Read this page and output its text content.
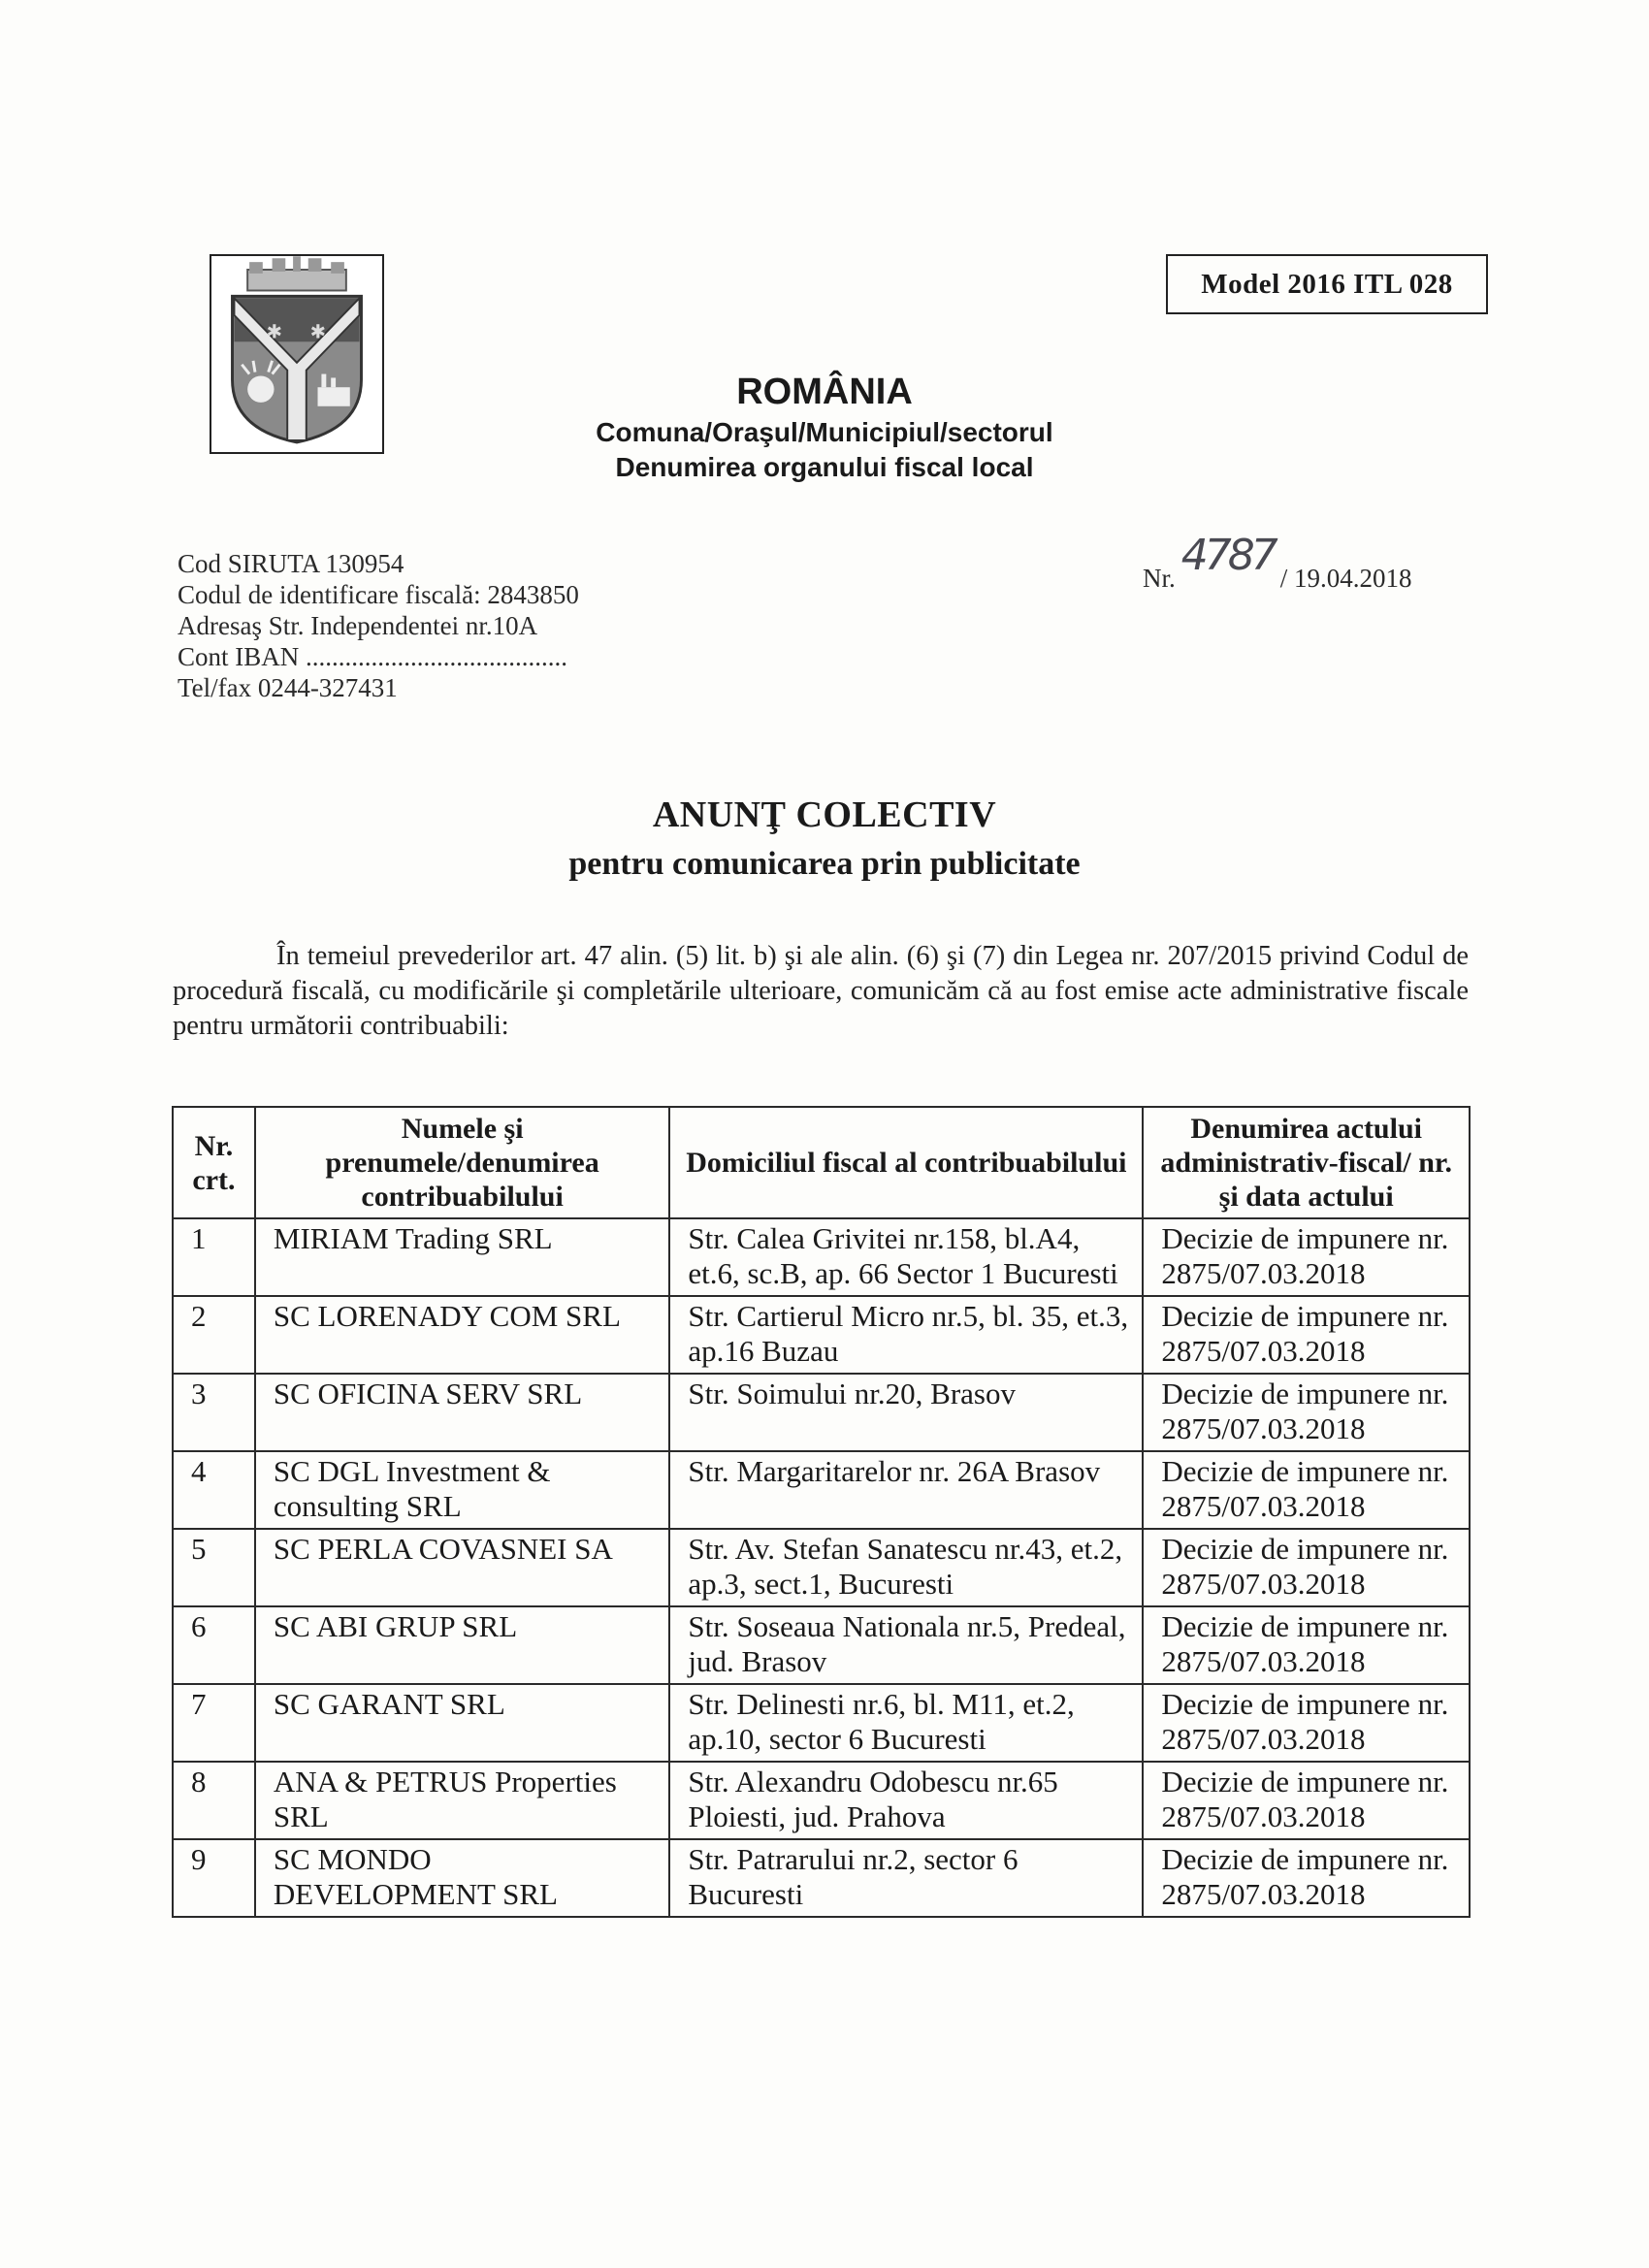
✱ ✱
Model 2016 ITL 028
ROMÂNIA
Comuna/Oraşul/Municipiul/sectorul
Denumirea organului fiscal local
Cod SIRUTA 130954
Codul de identificare fiscală: 2843850
Adresaş Str. Independentei nr.10A
Cont IBAN ........................................
Tel/fax 0244-327431
Nr. 4787 / 19.04.2018
ANUNŢ COLECTIV
pentru comunicarea prin publicitate
În temeiul prevederilor art. 47 alin. (5) lit. b) şi ale alin. (6) şi (7) din Legea nr. 207/2015 privind Codul de procedură fiscală, cu modificările şi completările ulterioare, comunicăm că au fost emise acte administrative fiscale pentru următorii contribuabili:
Nr. crt.	Numele şi prenumele/denumirea contribuabilului	Domiciliul fiscal al contribuabilului	Denumirea actului administrativ-fiscal/ nr. şi data actului
1	MIRIAM Trading SRL	Str. Calea Grivitei nr.158, bl.A4, et.6, sc.B, ap. 66 Sector 1 Bucuresti	Decizie de impunere nr. 2875/07.03.2018
2	SC LORENADY COM SRL	Str. Cartierul Micro nr.5, bl. 35, et.3, ap.16 Buzau	Decizie de impunere nr. 2875/07.03.2018
3	SC OFICINA SERV SRL	Str. Soimului nr.20, Brasov	Decizie de impunere nr. 2875/07.03.2018
4	SC DGL Investment & consulting SRL	Str. Margaritarelor nr. 26A Brasov	Decizie de impunere nr. 2875/07.03.2018
5	SC PERLA COVASNEI SA	Str. Av. Stefan Sanatescu nr.43, et.2, ap.3, sect.1, Bucuresti	Decizie de impunere nr. 2875/07.03.2018
6	SC ABI GRUP SRL	Str. Soseaua Nationala nr.5, Predeal, jud. Brasov	Decizie de impunere nr. 2875/07.03.2018
7	SC GARANT SRL	Str. Delinesti nr.6, bl. M11, et.2, ap.10, sector 6 Bucuresti	Decizie de impunere nr. 2875/07.03.2018
8	ANA & PETRUS Properties SRL	Str. Alexandru Odobescu nr.65 Ploiesti, jud. Prahova	Decizie de impunere nr. 2875/07.03.2018
9	SC MONDO DEVELOPMENT SRL	Str. Patrarului nr.2, sector 6 Bucuresti	Decizie de impunere nr. 2875/07.03.2018
